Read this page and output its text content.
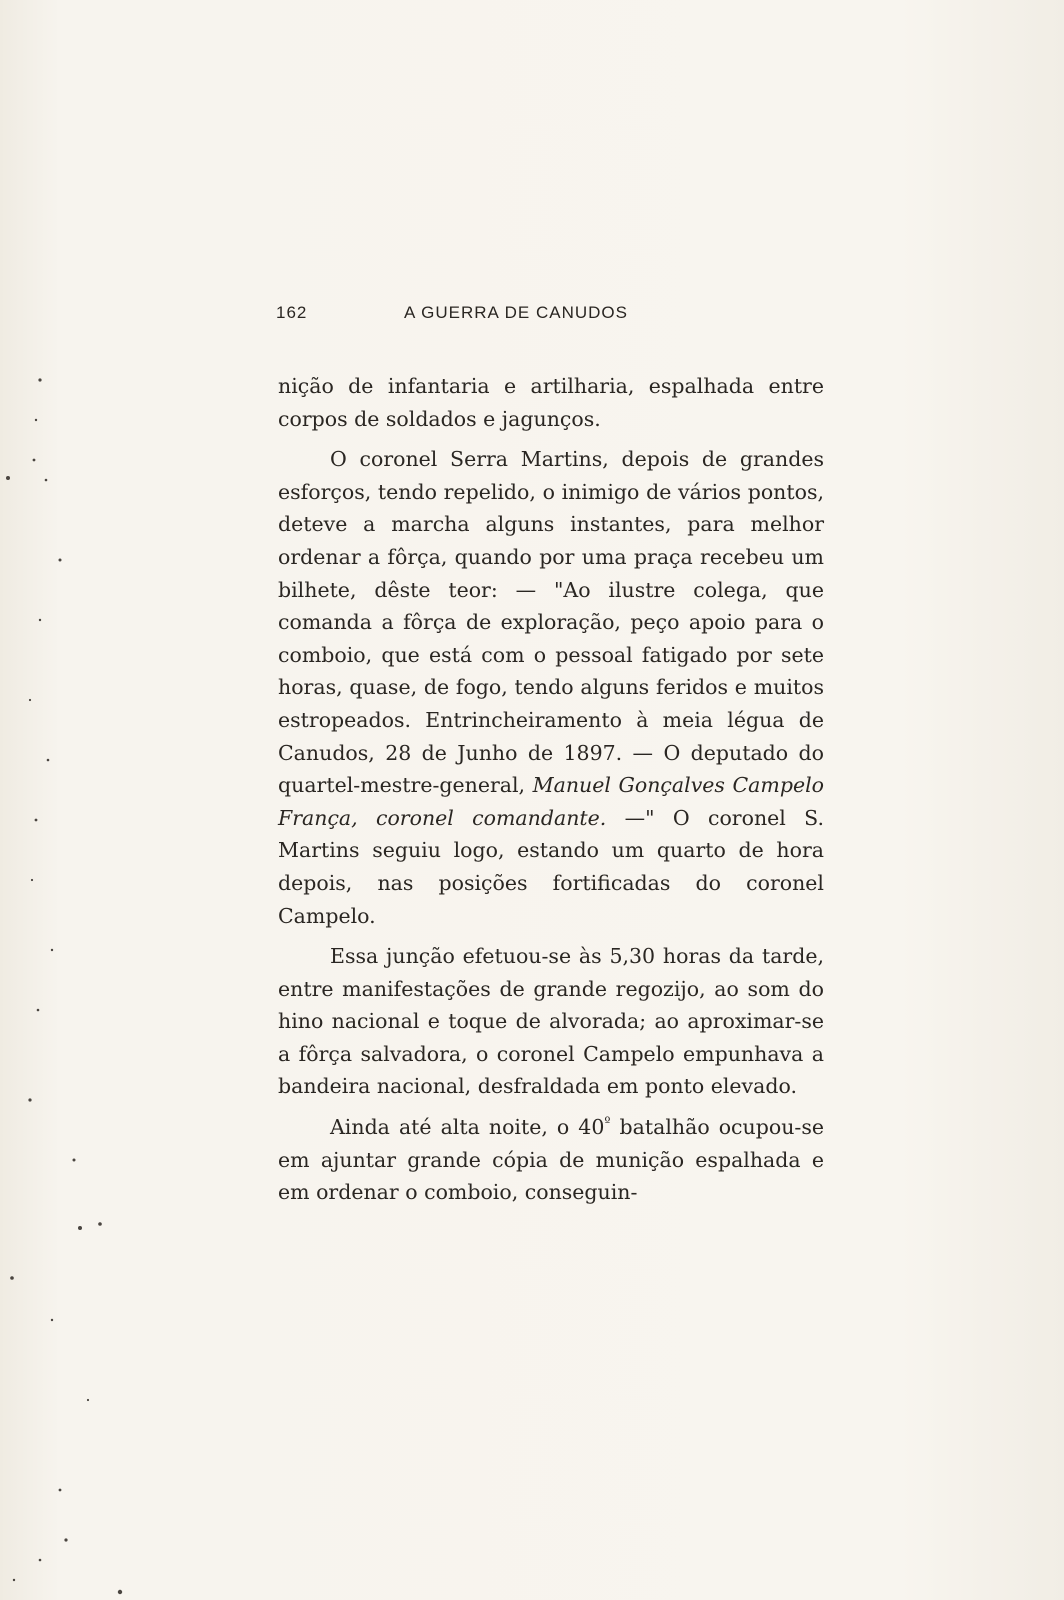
162	A GUERRA DE CANUDOS

nição de infantaria e artilharia, espalhada entre corpos de soldados e jagunços.

O coronel Serra Martins, depois de grandes esforços, tendo repelido, o inimigo de vários pontos, deteve a marcha alguns instantes, para melhor ordenar a fôrça, quando por uma praça recebeu um bilhete, dêste teor: — "Ao ilustre colega, que comanda a fôrça de exploração, peço apoio para o comboio, que está com o pessoal fatigado por sete horas, quase, de fogo, tendo alguns feridos e muitos estropeados. Entrincheiramento à meia légua de Canudos, 28 de Junho de 1897. — O deputado do quartel-mestre-general, Manuel Gonçalves Campelo França, coronel comandante. —" O coronel S. Martins seguiu logo, estando um quarto de hora depois, nas posições fortificadas do coronel Campelo.

Essa junção efetuou-se às 5,30 horas da tarde, entre manifestações de grande regozijo, ao som do hino nacional e toque de alvorada; ao aproximar-se a fôrça salvadora, o coronel Campelo empunhava a bandeira nacional, desfraldada em ponto elevado.

Ainda até alta noite, o $40^º$ batalhão ocupou-se em ajuntar grande cópia de munição espalhada e em ordenar o comboio, conseguin-
